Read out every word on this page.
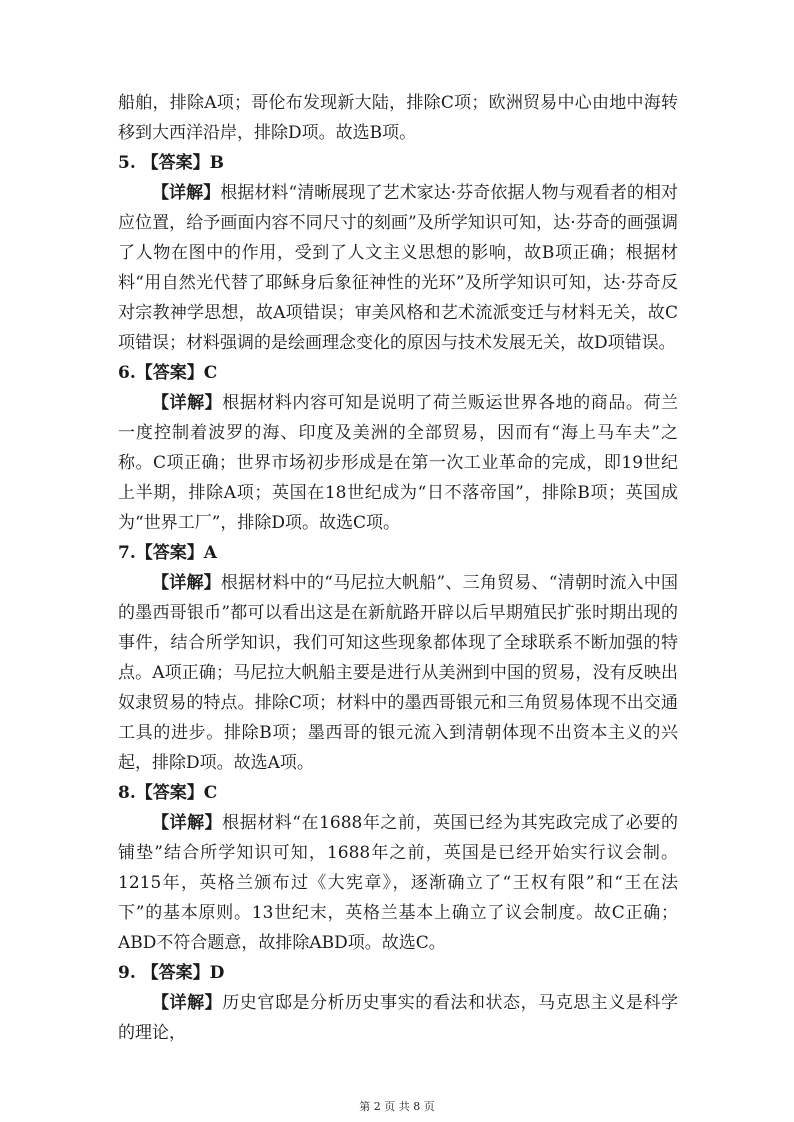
船舶，排除A项；哥伦布发现新大陆，排除C项；欧洲贸易中心由地中海转移到大西洋沿岸，排除D项。故选B项。

5. 【答案】B

【详解】根据材料“清晰展现了艺术家达·芬奇依据人物与观看者的相对应位置，给予画面内容不同尺寸的刻画”及所学知识可知，达·芬奇的画强调了人物在图中的作用，受到了人文主义思想的影响，故B项正确；根据材料“用自然光代替了耶稣身后象征神性的光环”及所学知识可知，达·芬奇反对宗教神学思想，故A项错误；审美风格和艺术流派变迁与材料无关，故C项错误；材料强调的是绘画理念变化的原因与技术发展无关，故D项错误。

6.【答案】C

【详解】根据材料内容可知是说明了荷兰贩运世界各地的商品。荷兰一度控制着波罗的海、印度及美洲的全部贸易，因而有“海上马车夫”之称。C项正确；世界市场初步形成是在第一次工业革命的完成，即19世纪上半期，排除A项；英国在18世纪成为“日不落帝国”，排除B项；英国成为“世界工厂”，排除D项。故选C项。

7.【答案】A

【详解】根据材料中的“马尼拉大帆船”、三角贸易、“清朝时流入中国的墨西哥银币”都可以看出这是在新航路开辟以后早期殖民扩张时期出现的事件，结合所学知识，我们可知这些现象都体现了全球联系不断加强的特点。A项正确；马尼拉大帆船主要是进行从美洲到中国的贸易，没有反映出奴隶贸易的特点。排除C项；材料中的墨西哥银元和三角贸易体现不出交通工具的进步。排除B项；墨西哥的银元流入到清朝体现不出资本主义的兴起，排除D项。故选A项。

8.【答案】C

【详解】根据材料“在1688年之前，英国已经为其宪政完成了必要的铺垫”结合所学知识可知，1688年之前，英国是已经开始实行议会制。1215年，英格兰颁布过《大宪章》，逐渐确立了“王权有限”和“王在法下”的基本原则。13世纪末，英格兰基本上确立了议会制度。故C正确；ABD不符合题意，故排除ABD项。故选C。

9. 【答案】D

【详解】历史官邸是分析历史事实的看法和状态，马克思主义是科学的理论，

第 2 页 共 8 页
